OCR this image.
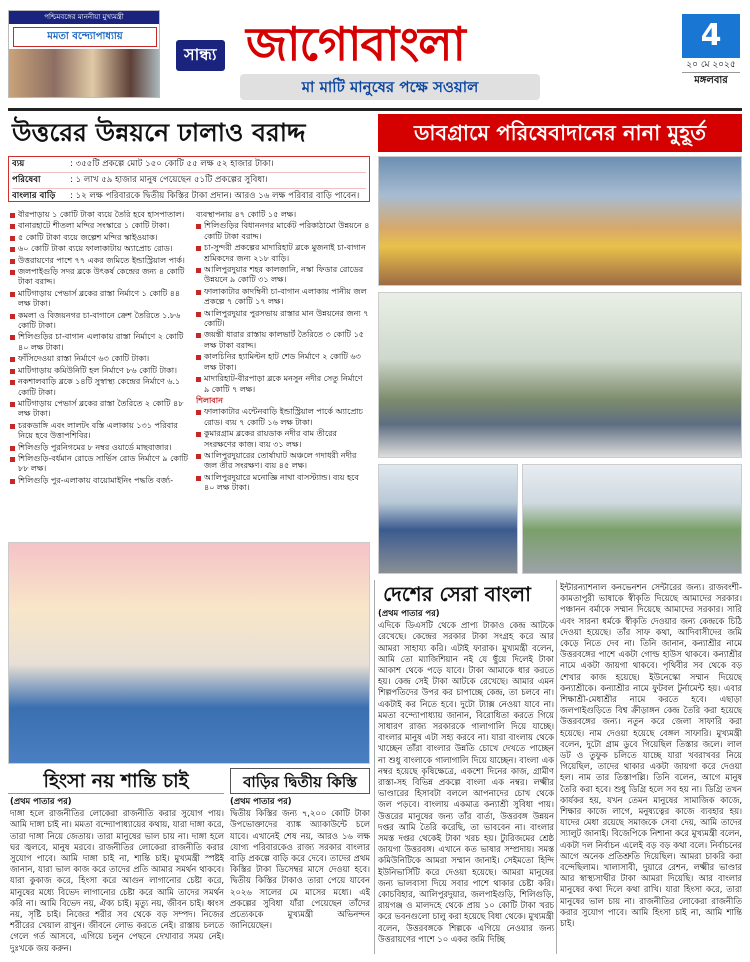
পশ্চিমবঙ্গের মাননীয়া মুখ্যমন্ত্রী
মমতা বন্দ্যোপাধ্যায়
সান্ধ্য জাগোবাংলা
মা মাটি মানুষের পক্ষে সওয়াল
4
২০ মে ২০২৫
মঙ্গলবার
উত্তরের উন্নয়নে ঢালাও বরাদ্দ	ডাবগ্রামে পরিষেবাদানের নানা মুহূর্ত
ব্যয়	: ৩৫৫টি প্রকল্পে মোট ১৫০ কোটি ৫৫ লক্ষ ৫২ হাজার টাকা।
পরিষেবা	: ১ লাখ ৫৯ হাজার মানুষ পেয়েছেন ৫১টি প্রকল্পের সুবিধা।
বাংলার বাড়ি : ১২ লক্ষ পরিবারকে দ্বিতীয় কিস্তির টাকা প্রদান। আরও ১৬ লক্ষ পরিবার বাড়ি পাবেন।
বীরপাড়ায় ১ কোটি টাকা ব্যয়ে তৈরি হবে হাসপাতাল।
বানারহাটে শীতলা মন্দির সংস্কারে ১ কোটি টাকা।
৫ কোটি টাকা ব্যয়ে জল্পেশ মন্দির স্কাইওয়াক।
৬০ কোটি টাকা ব্যয়ে ফালাকাটায় অ্যাপ্রোচ রোড।
উত্তরায়ণের পাশে ৭৭ একর জমিতে ইন্ডাস্ট্রিয়াল পার্ক।
জলপাইগুড়ি সদর ব্লকে উৎকর্ষ কেন্দ্রের জন্য ৪ কোটি টাকা বরাদ্দ।
মাটিগাড়ায় পেভার্স ব্লকের রাস্তা নির্মাণে ১ কোটি ৪৪ লক্ষ টাকা।
কমলা ও বিজয়নগর চা-বাগানে ক্রেশ তৈরিতে ১.৮৬ কোটি টাকা।
শিলিগুড়ির চা-বাগান এলাকায় রাস্তা নির্মাণে ২ কোটি ৪০ লক্ষ টাকা।
ফাঁসিদেওয়া রাস্তা নির্মাণে ৬৩ কোটি টাকা।
মাটিগাড়ায় কমিউনিটি হল নির্মাণে ৮৬ কোটি টাকা।
নকশালবাড়ি ব্লকে ১৪টি সুস্বাস্থ্য কেন্দ্রের নির্মাণে ৬.১ কোটি টাকা।
মাটিগাড়ায় পেভার্স ব্লকের রাস্তা তৈরিতে ২ কোটি ৪৮ লক্ষ টাকা।
চরকডাঙ্গি এবং লালটং বস্তি এলাকায় ১৩১ পরিবার নিয়ে হবে উত্তাপশিবির।
শিলিগুড়ি পুরনিগমের ৮ নম্বর ওয়ার্ডে মাছবাজার।
শিলিগুড়ি-বর্ধমান রোডে সার্ভিস রোড নির্মাণে ৯ কোটি ৮৮ লক্ষ।
শিলিগুড়ি পুর-এলাকায় বায়োমাইনিং পদ্ধতি বর্জ্য-
ব্যবস্থাপনায় ৪৭ কোটি ১৫ লক্ষ।
শিলিগুড়ির বিধাননগর মার্কেট পরিকাঠামো উন্নয়নে ৪ কোটি টাকা বরাদ্দ।
চা-সুন্দরী প্রকল্পের মাদারিহাট ব্লকে মুজনাই চা-বাগান শ্রমিকদের জন্য ২১৮ বাড়ি।
আলিপুরদুয়ার শহর কালজানি, নস্কা ফিডার রোডের উন্নয়নে ৯ কোটি ৩১ লক্ষ।
ফালাকাটার কাদম্বিনী চা-বাগান এলাকায় পানীয় জল প্রকল্পে ৭ কোটি ১৭ লক্ষ।
আলিপুরদুয়ার পুরসভায় রাস্তার মান উন্নয়নের জন্য ৭ কোটি।
জয়ন্তী ধারার রাস্তায় কালভার্ট তৈরিতে ৩ কোটি ১৫ লক্ষ টাকা বরাদ্দ।
কালচিনির হ্যামিল্টন হাট শেড নির্মাণে ২ কোটি ৬৩ লক্ষ টাকা।
মাদারিহাট-বীরপাড়া ব্লকে মনসুন নদীর সেতু নির্মাণে ৯ কোটি ৭ লক্ষ।
শিলাবান
ফালাকাটার এন্টেনবাড়ি ইন্ডাস্ট্রিয়াল পার্কে অ্যাপ্রোচ রোড। ব্যয় ৭ কোটি ১৬ লক্ষ টাকা।
কুমারগ্রাম ব্লকের রায়ডাক নদীর বাম তীরের সংরক্ষণের কাজ। ব্যয় ৩১ লক্ষ।
আলিপুরদুয়ারের তোর্ষাঘাট অঞ্চলে গদাধরী নদীর জল তীর সংরক্ষণ। ব্যয় ৪৫ লক্ষ।
আলিপুরদুয়ারে মনোজ্ঞি নাথা বাসস্ট্যান্ড। ব্যয় হবে ৪০ লক্ষ টাকা।
হিংসা নয় শান্তি চাই	বাড়ির দ্বিতীয় কিস্তি
দেশের সেরা বাংলা
(প্রথম পাতার পর)
দাঙ্গা হলে রাজনীতির লোকেরা রাজনীতি করার সুযোগ পায়। আমি দাঙ্গা চাই না। মমতা বন্দ্যোপাধ্যায়ের কথায়, যারা দাঙ্গা করে, তারা দাঙ্গা নিয়ে জেতায়। তারা মানুষের ভাল চায় না। দাঙ্গা হলে ঘর জ্বলবে, মানুষ মরবে। রাজনীতির লোকেরা রাজনীতি করার সুযোগ পাবে। আমি দাঙ্গা চাই না, শান্তি চাই। মুখ্যমন্ত্রী স্পষ্টই জানান, যারা ভাল কাজ করে তাদের প্রতি আমার সমর্থন থাকবে। যারা কুকাজ করে, হিংসা করে আগুন লাগানোর চেষ্টা করে, মানুষের মধ্যে বিভেদ লাগানোর চেষ্টা করে আমি তাদের সমর্থন করি না। আমি বিভেদ নয়, ঐক্য চাই। মৃত্যু নয়, জীবন চাই। ধ্বংস নয়, সৃষ্টি চাই। নিজের শরীর সব থেকে বড় সম্পদ। নিজের শরীরের খেয়াল রাখুন। জীবনে লোভ করতে নেই। রাস্তায় চলতে গেলে গর্ত আসবে, এগিয়ে চলুন পেছনে দেখাবার সময় নেই। দুঃখকে জয় করুন।
(প্রথম পাতার পর)
দ্বিতীয় কিস্তির জন্য ৭,২০০ কোটি টাকা উপভোক্তাদের ব্যাঙ্ক অ্যাকাউন্টে চলে যাবে। এখানেই শেষ নয়, আরও ১৬ লক্ষ যোগ্য পরিবারকেও রাজ্য সরকার বাংলার বাড়ি প্রকল্পে বাড়ি করে দেবে। তাদের প্রথম কিস্তির টাকা ডিসেম্বর মাসে দেওয়া হবে। দ্বিতীয় কিস্তির টাকাও তারা পেয়ে যাবেন ২০২৬ সালের মে মাসের মধ্যে। এই প্রকল্পের সুবিধা যাঁরা পেয়েছেন তাঁদের প্রত্যেককে মুখ্যমন্ত্রী অভিনন্দন জানিয়েছেন।
(প্রথম পাতার পর)
এদিকে ডিএসটি থেকে প্রাপ্য টাকাও কেন্দ্র আটকে রেখেছে। কেন্দ্রের সরকার টাকা সংগ্রহ করে আর আমরা সাহায্য করি। এটাই ফারাক। মুখ্যমন্ত্রী বলেন, আমি তো ম্যাজিশিয়ান নই যে ছুঁয়ে দিলেই টাকা আকাশ থেকে পড়ে যাবে। টাকা আমাকে ধার করতে হয়। কেন্দ্র সেই টাকা আটকে রেখেছে। আমার এমন শিল্পপতিদের উপর কর চাপাচ্ছে কেন্দ্র, তা চলবে না। একটাই কর নিতে হবে। দুটো ট্যাক্স নেওয়া যাবে না। মমতা বন্দ্যোপাধ্যায় জানান, বিরোধিতা করতে গিয়ে সাধারণ রাজ্য সরকারকে গালাগালি দিয়ে যাচ্ছে। বাংলার মানুষ এটা সহ্য করবে না। যারা বাংলায় থেকে খাচ্ছেন তাঁরা বাংলার উন্নতি চোখে দেখতে পাচ্ছেন না শুধু বাংলাকে গালাগালি দিয়ে যাচ্ছেন। বাংলা এক নম্বর হয়েছে কৃষিক্ষেত্রে, একশো দিনের কাজ, গ্রামীণ রাস্তা-সহ বিভিন্ন প্রকল্পে বাংলা এক নম্বর। লক্ষ্মীর ভাণ্ডারের হিসাবটা বললে আপনাদের চোখ থেকে জল পড়বে। বাংলায় একমাত্র কন্যাশ্রী সুবিধা পায়। উত্তরের মানুষের জন্য তাঁর বার্তা, উত্তরবঙ্গ উন্নয়ন দপ্তর আমি তৈরি করেছি, তা ভাববেন না। বাংলার সমস্ত দপ্তর থেকেই টাকা খরচ হয়। ট্যুরিজমের শ্রেষ্ঠ জায়গা উত্তরবঙ্গ। এখানে কত ভাষার সম্প্রদায়। সমস্ত কমিউনিটিকে আমরা সম্মান জানাই। সেইমতো হিন্দি ইউনিভার্সিটি করে দেওয়া হয়েছে। আমরা মানুষের জন্য ভালবাসা দিয়ে সবার পাশে থাকার চেষ্টা করি। কোচবিহার, আলিপুরদুয়ার, জলপাইগুড়ি, শিলিগুড়ি, রায়গঞ্জ ও মালদহে থেকে প্রায় ১০ কোটি টাকা খরচ করে ভবনগুলো চালু করা হয়েছে বিধা থেকে। মুখ্যমন্ত্রী বলেন, উত্তরবঙ্গকে শিল্পকে এগিয়ে নেওয়ার জন্য উত্তরায়ণের পাশে ১০ একর জমি দিচ্ছি
ইন্টারন্যাশনাল কনভেনশন সেন্টারের জন্য। রাজবংশী-কামতাপুরী ভাষাকে স্বীকৃতি দিয়েছে আমাদের সরকার। পঞ্চানন বর্মাকে সম্মান দিয়েছে আমাদের সরকার। সারি এবং সারনা ধর্মকে স্বীকৃতি দেওয়ার জন্য কেন্দ্রকে চিঠি দেওয়া হয়েছে। তাঁর সাফ কথা, আদিবাসীদের জমি কেড়ে নিতে দেব না। তিনি জানান, কন্যাশ্রীর নামে উত্তরবঙ্গের পাশে একটা গোল্ড হাউস থাকবে। কন্যাশ্রীর নামে একটা জায়গা থাকবে। পৃথিবীর সব থেকে বড় শেখার কাজ হয়েছে। ইউনেস্কো সম্মান দিয়েছে কন্যাশ্রীকে। কন্যাশ্রীর নামে ফুটবল টুর্নামেন্ট হয়। এবার শিক্ষাশ্রী-মেধাশ্রীর নামে করতে হবে। এছাড়া জলপাইগুড়িতে বিশ্ব ক্রীড়াঙ্গন কেন্দ্র তৈরি করা হয়েছে উত্তরবঙ্গের জন্য। নতুন করে জেলা সাফারি করা হয়েছে। নাম দেওয়া হয়েছে বেঙ্গল সাফারি। মুখ্যমন্ত্রী বলেন, দুটো গ্রাম ডুবে গিয়েছিল তিস্তার জলে। লাল ডট ও তুফুক চলিতে যাচ্ছে যারা খবরাখবর নিয়ে গিয়েছিল, তাদের থাকার একটা জায়গা করে দেওয়া হল। নাম তার তিস্তাপল্লি। তিনি বলেন, আগে মানুষ তৈরি করা হবে। শুধু ডিগ্রি হলে সব হয় না। ডিগ্রি তখন কার্যকর হয়, যখন তেমন মানুষের সামাজিক কাজে, শিক্ষার কাজে লাগে, মনুষ্যত্বের কাজে ব্যবহার হয়। যাদের মেধা রয়েছে সমাজকে সেবা দেয়, আমি তাদের স্যালুট জানাই। বিজেপিকে নিশানা করে মুখ্যমন্ত্রী বলেন, একটা দল নির্বাচন এলেই বড় বড় কথা বলে। নির্বাচনের আগে অনেক প্রতিশ্রুতি দিয়েছিল। আমরা চাকরি করা বন্দেছিলাম। খালাসাবী, দুয়ারে রেশন, লক্ষ্মীর ভাণ্ডার আর স্বাস্থ্যসাথীর টাকা আমরা দিয়েছি। আর বাংলার মানুষের কথা দিলে কথা রাখি। যারা হিংসা করে, তারা মানুষের ভাল চায় না। রাজনীতির লোকেরা রাজনীতি করার সুযোগ পাবে। আমি হিংসা চাই না, আমি শান্তি চাই।
